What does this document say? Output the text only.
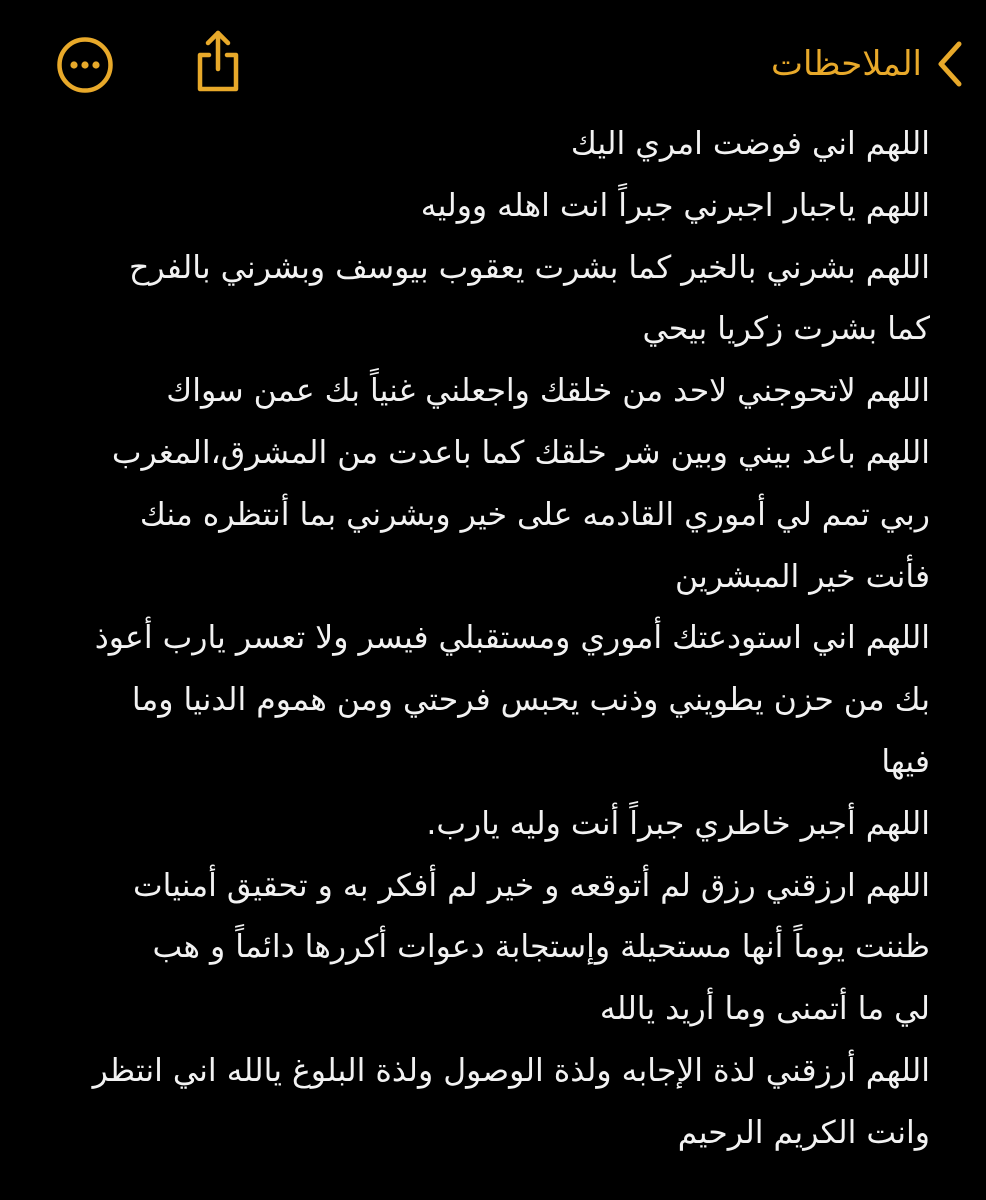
الملاحظات
اللهم اني فوضت امري اليك
اللهم ياجبار اجبرني جبراً انت اهله ووليه
اللهم بشرني بالخير كما بشرت يعقوب بيوسف وبشرني بالفرح
كما بشرت زكريا بيحي
اللهم لاتحوجني لاحد من خلقك واجعلني غنياً بك عمن سواك
اللهم باعد بيني وبين شر خلقك كما باعدت من المشرق،المغرب
ربي تمم لي أموري القادمه على خير وبشرني بما أنتظره منك
فأنت خير المبشرين
اللهم اني استودعتك أموري ومستقبلي فيسر ولا تعسر يارب أعوذ
بك من حزن يطويني وذنب يحبس فرحتي ومن هموم الدنيا وما
فيها
اللهم أجبر خاطري جبراً أنت وليه يارب.
اللهم ارزقني رزق لم أتوقعه و خير لم أفكر به و تحقيق أمنيات
ظننت يوماً أنها مستحيلة وإستجابة دعوات أكررها دائماً و هب
لي ما أتمنى وما أريد يالله
اللهم أرزقني لذة الإجابه ولذة الوصول ولذة البلوغ يالله اني انتظر
وانت الكريم الرحيم
